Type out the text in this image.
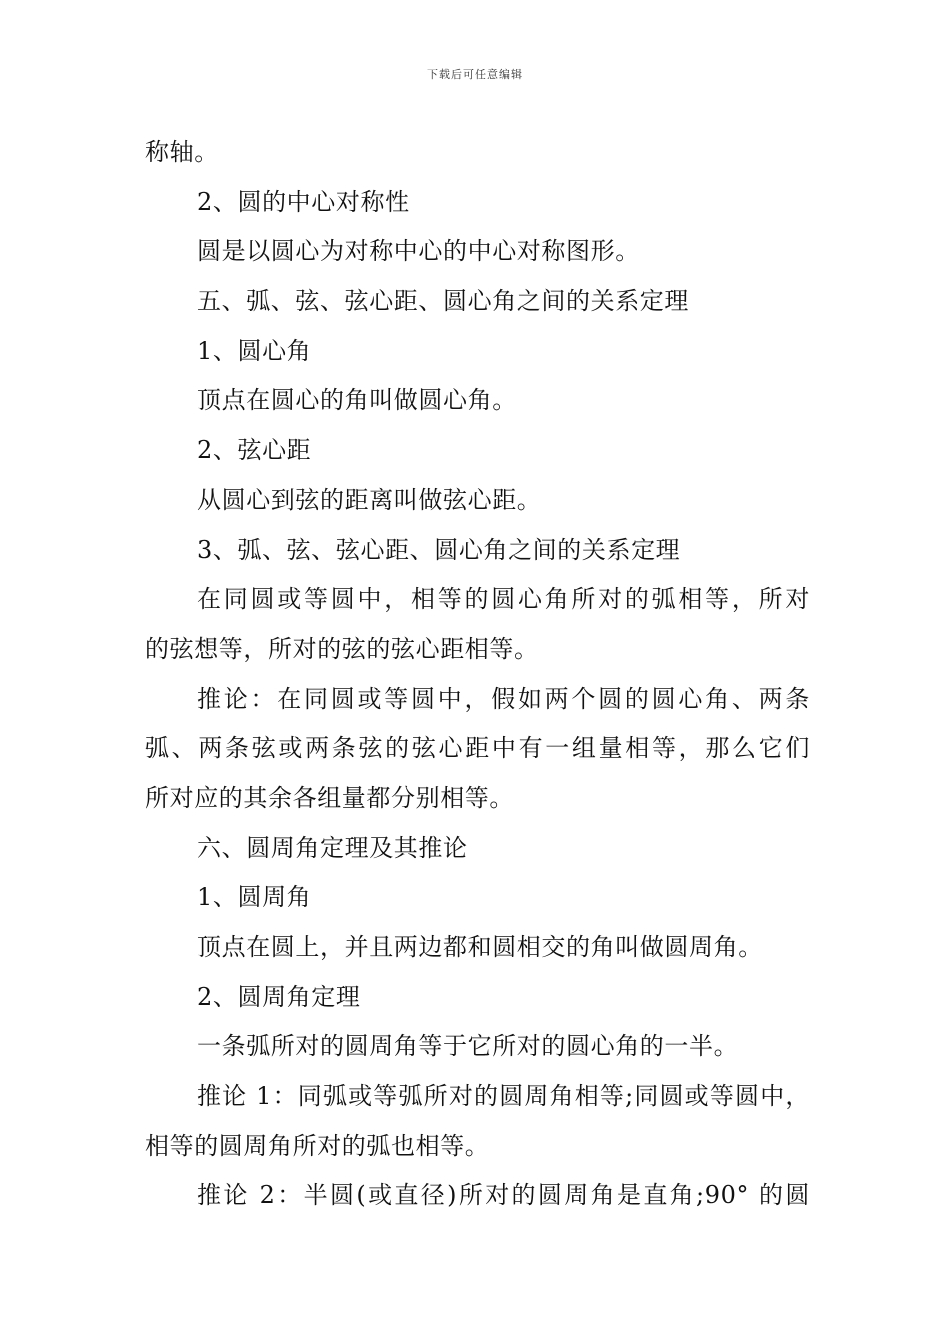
下载后可任意编辑
称轴。
2、圆的中心对称性
圆是以圆心为对称中心的中心对称图形。
五、弧、弦、弦心距、圆心角之间的关系定理
1、圆心角
顶点在圆心的角叫做圆心角。
2、弦心距
从圆心到弦的距离叫做弦心距。
3、弧、弦、弦心距、圆心角之间的关系定理
在同圆或等圆中，相等的圆心角所对的弧相等，所对
的弦想等，所对的弦的弦心距相等。
推论：在同圆或等圆中，假如两个圆的圆心角、两条
弧、两条弦或两条弦的弦心距中有一组量相等，那么它们
所对应的其余各组量都分别相等。
六、圆周角定理及其推论
1、圆周角
顶点在圆上，并且两边都和圆相交的角叫做圆周角。
2、圆周角定理
一条弧所对的圆周角等于它所对的圆心角的一半。
推论 1：同弧或等弧所对的圆周角相等;同圆或等圆中，
相等的圆周角所对的弧也相等。
推论 2：半圆(或直径)所对的圆周角是直角;90° 的圆
